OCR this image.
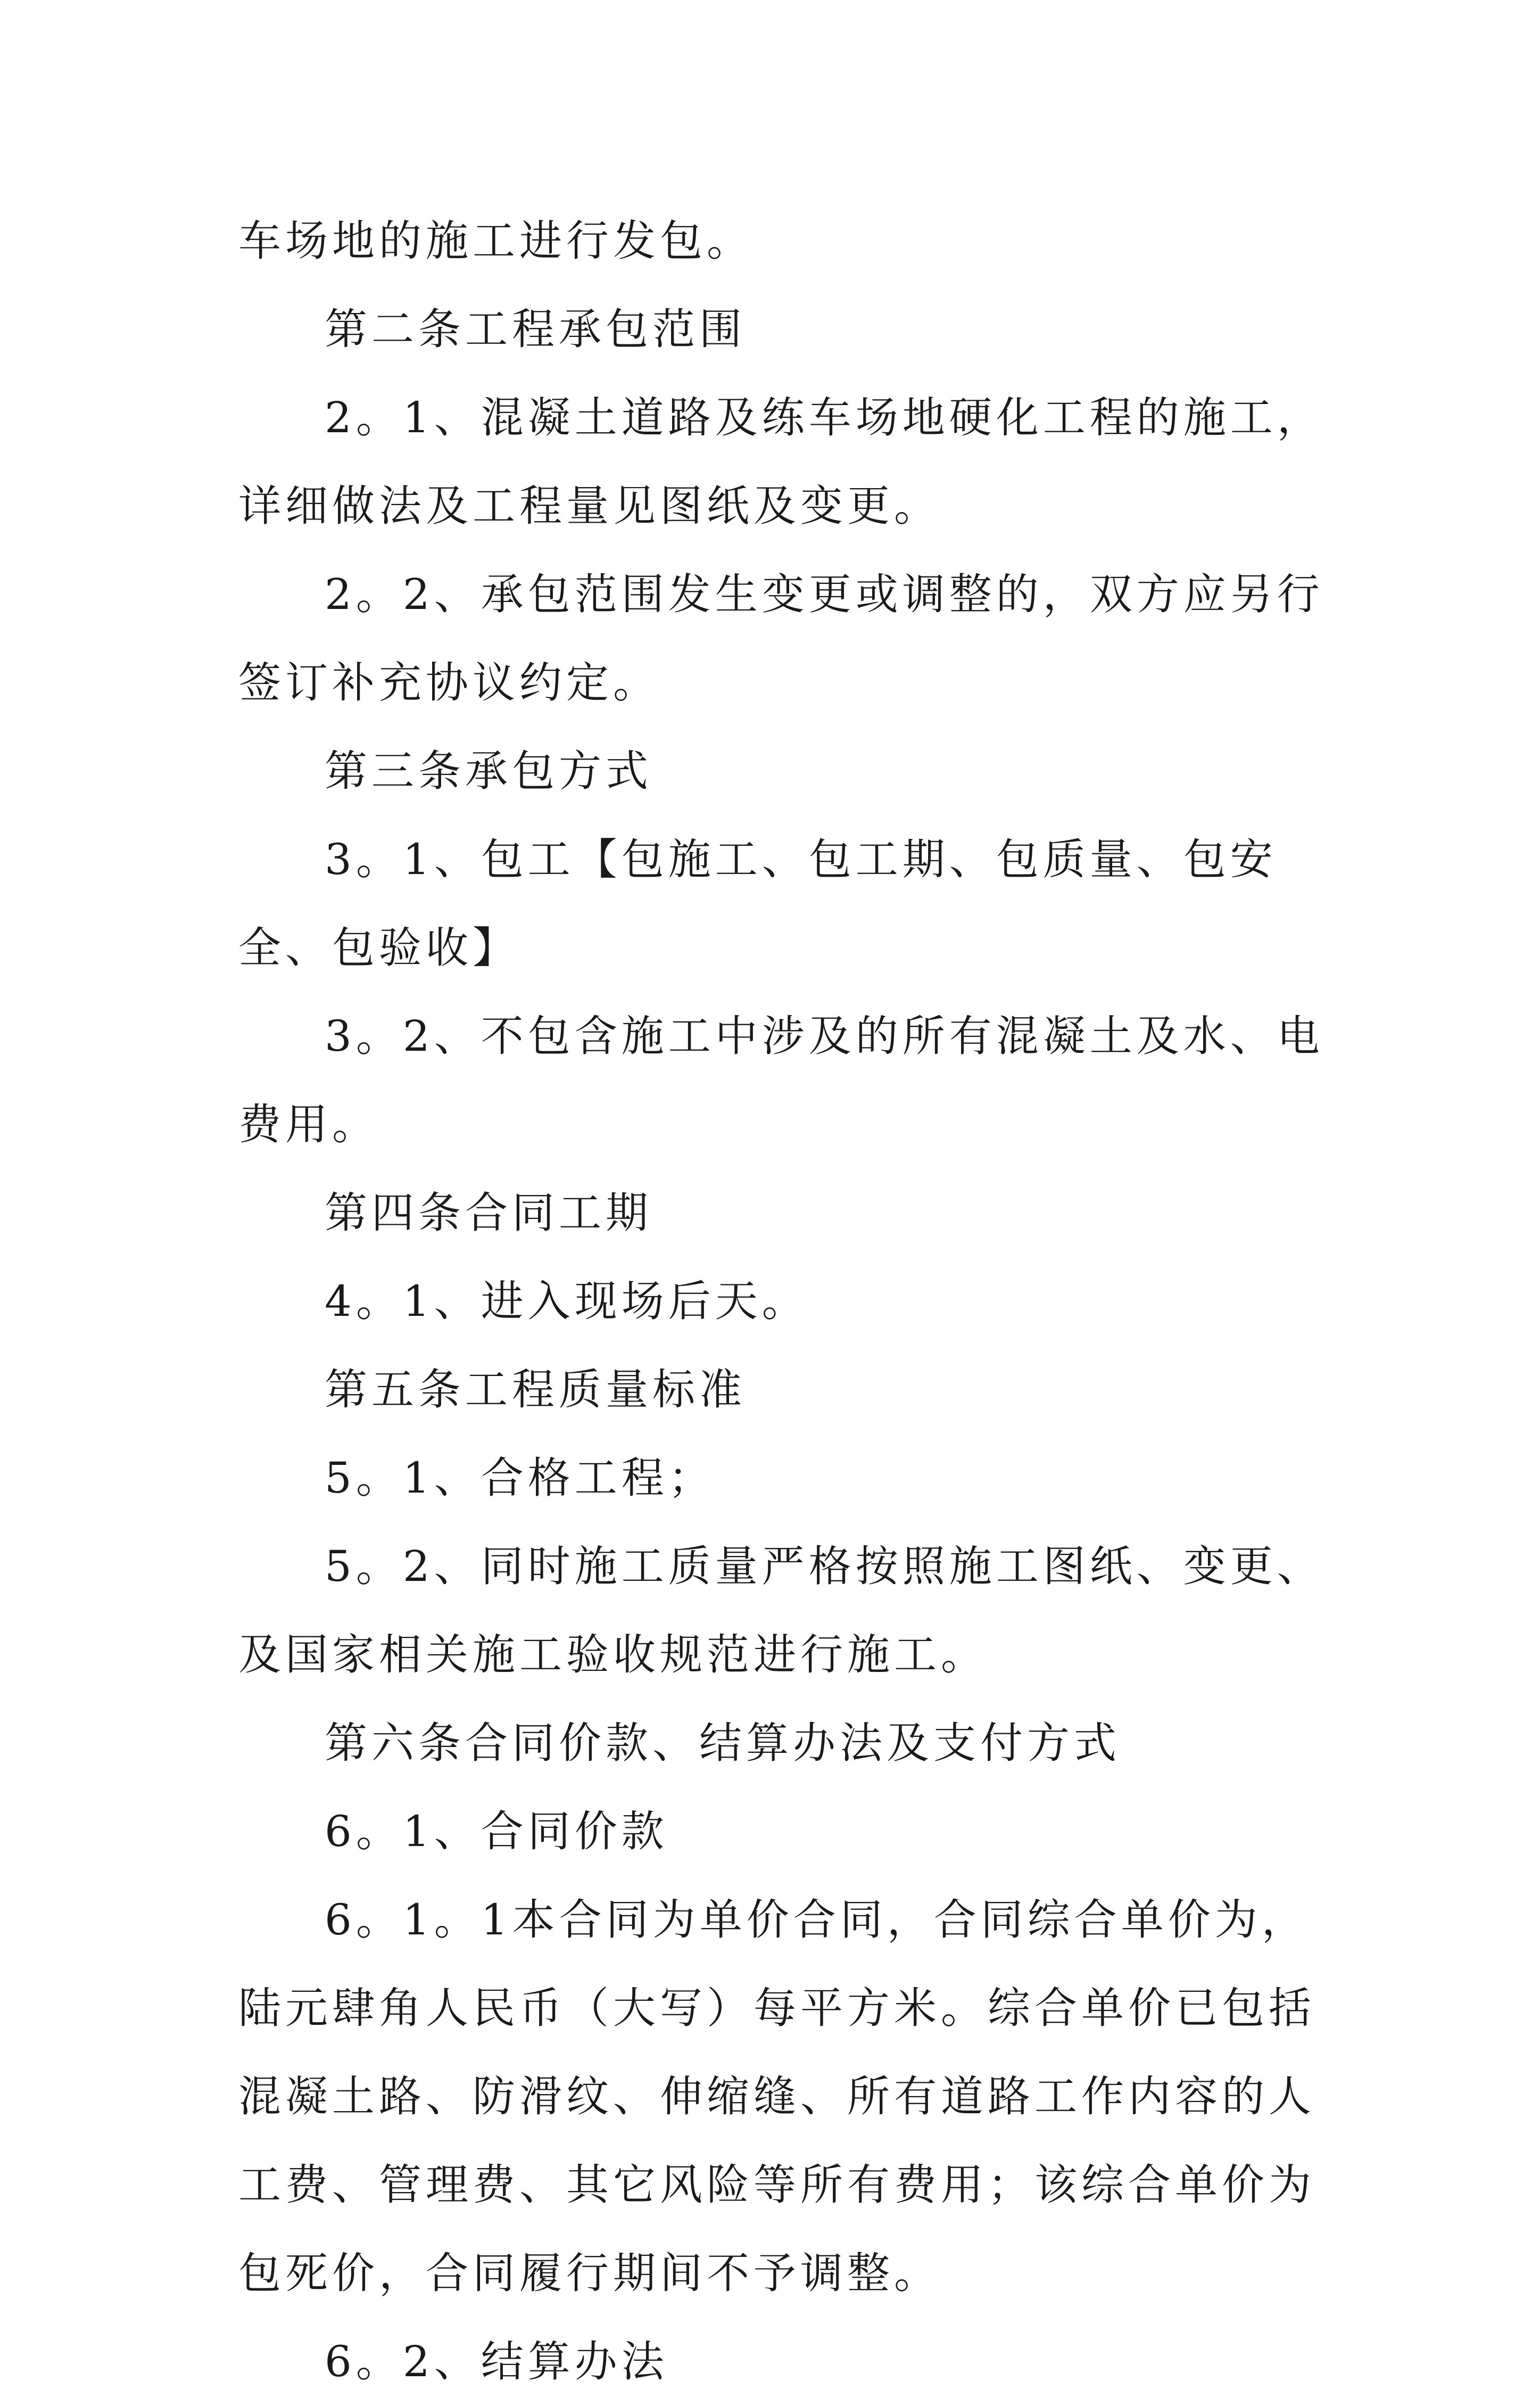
车场地的施工进行发包。

第二条工程承包范围

2。1、混凝土道路及练车场地硬化工程的施工，详细做法及工程量见图纸及变更。

2。2、承包范围发生变更或调整的，双方应另行签订补充协议约定。

第三条承包方式

3。1、包工【包施工、包工期、包质量、包安全、包验收】

3。2、不包含施工中涉及的所有混凝土及水、电费用。

第四条合同工期

4。1、进入现场后天。

第五条工程质量标准

5。1、合格工程；

5。2、同时施工质量严格按照施工图纸、变更、及国家相关施工验收规范进行施工。

第六条合同价款、结算办法及支付方式

6。1、合同价款

6。1。1本合同为单价合同，合同综合单价为，陆元肆角人民币（大写）每平方米。综合单价已包括混凝土路、防滑纹、伸缩缝、所有道路工作内容的人工费、管理费、其它风险等所有费用；该综合单价为包死价，合同履行期间不予调整。

6。2、结算办法
